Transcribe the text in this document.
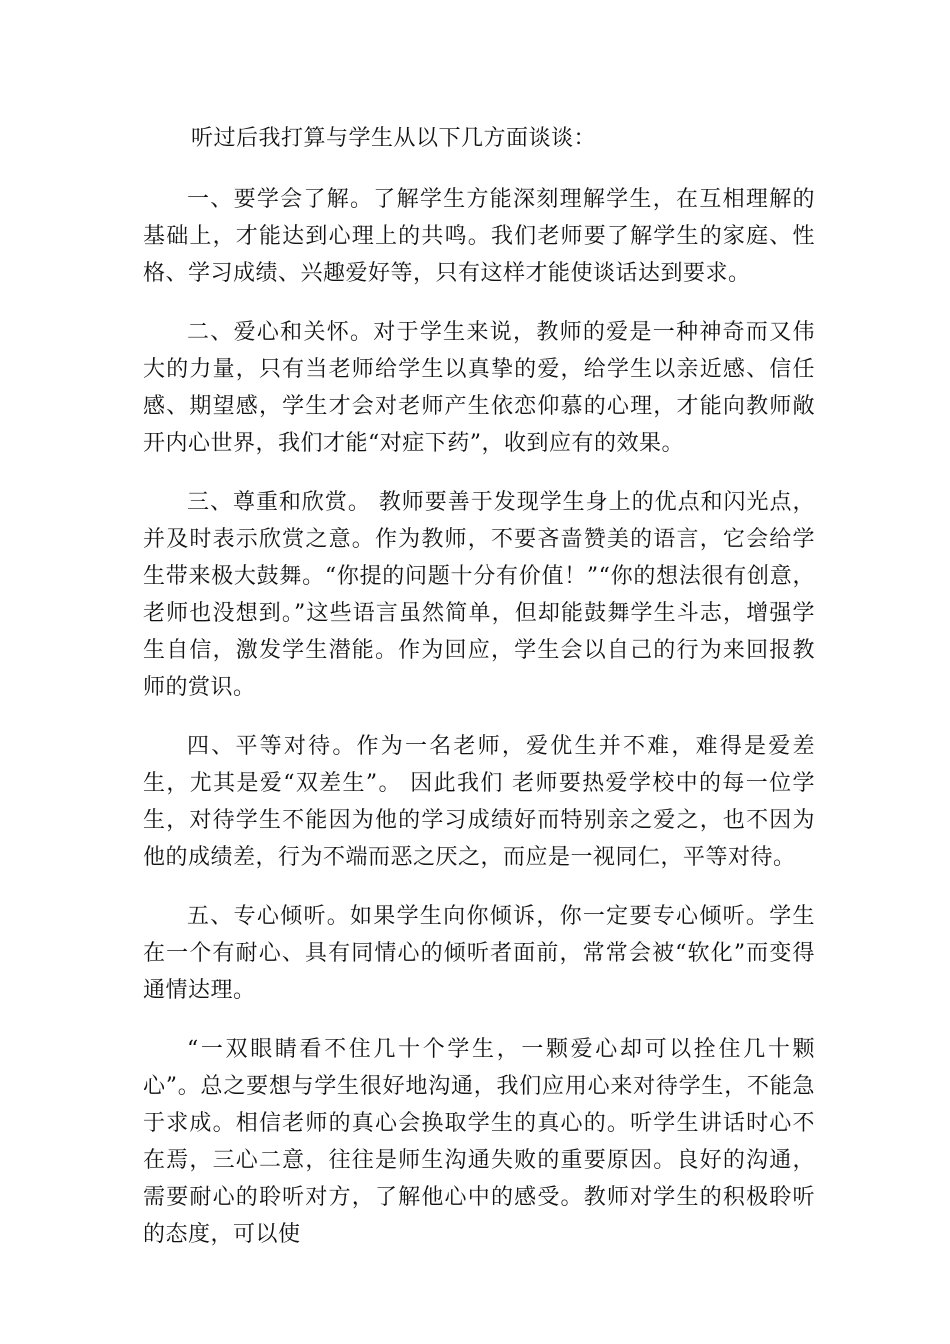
听过后我打算与学生从以下几方面谈谈：

一、要学会了解。了解学生方能深刻理解学生，在互相理解的基础上，才能达到心理上的共鸣。我们老师要了解学生的家庭、性格、学习成绩、兴趣爱好等，只有这样才能使谈话达到要求。

二、爱心和关怀。对于学生来说，教师的爱是一种神奇而又伟大的力量，只有当老师给学生以真挚的爱，给学生以亲近感、信任感、期望感，学生才会对老师产生依恋仰慕的心理，才能向教师敞开内心世界，我们才能“对症下药”，收到应有的效果。

三、尊重和欣赏。 教师要善于发现学生身上的优点和闪光点，并及时表示欣赏之意。作为教师，不要吝啬赞美的语言，它会给学生带来极大鼓舞。“你提的问题十分有价值！”“你的想法很有创意，老师也没想到。”这些语言虽然简单，但却能鼓舞学生斗志，增强学生自信，激发学生潜能。作为回应，学生会以自己的行为来回报教师的赏识。

四、平等对待。作为一名老师，爱优生并不难，难得是爱差生，尤其是爱“双差生”。 因此我们 老师要热爱学校中的每一位学生，对待学生不能因为他的学习成绩好而特别亲之爱之，也不因为他的成绩差，行为不端而恶之厌之，而应是一视同仁，平等对待。

五、专心倾听。如果学生向你倾诉，你一定要专心倾听。学生在一个有耐心、具有同情心的倾听者面前，常常会被“软化”而变得通情达理。

“一双眼睛看不住几十个学生，一颗爱心却可以拴住几十颗心”。总之要想与学生很好地沟通，我们应用心来对待学生，不能急于求成。相信老师的真心会换取学生的真心的。听学生讲话时心不在焉，三心二意，往往是师生沟通失败的重要原因。良好的沟通，需要耐心的聆听对方，了解他心中的感受。教师对学生的积极聆听的态度，可以使
